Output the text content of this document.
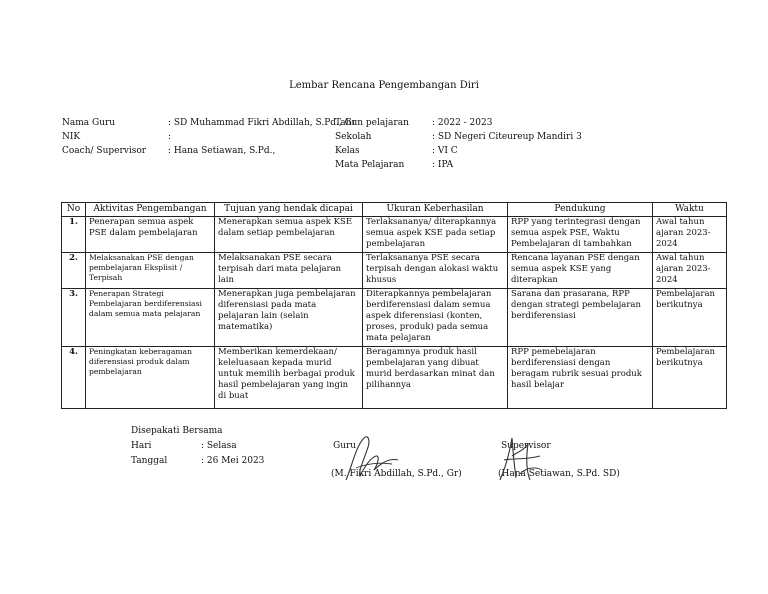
Lembar Rencana Pengembangan Diri
Nama Guru	: SD Muhammad Fikri Abdillah, S.Pd., Gr
NIK	:
Coach/ Supervisor : Hana Setiawan, S.Pd.,
Tahun pelajaran	: 2022 - 2023
Sekolah	: SD Negeri Citeureup Mandiri 3
Kelas	: VI C
Mata Pelajaran	: IPA
No	Aktivitas Pengembangan	Tujuan yang hendak dicapai	Ukuran Keberhasilan	Pendukung	Waktu
1.	Penerapan semua aspek PSE dalam pembelajaran	Menerapkan semua aspek KSE dalam setiap pembelajaran	Terlaksananya/ diterapkannya semua aspek KSE pada setiap pembelajaran	RPP yang terintegrasi dengan semua aspek PSE, Waktu Pembelajaran di tambahkan	Awal tahun ajaran 2023-2024
2.	Melaksanakan PSE dengan pembelajaran Eksplisit / Terpisah	Melaksanakan PSE secara terpisah dari mata pelajaran lain	Terlaksananya PSE secara terpisah dengan alokasi waktu khusus	Rencana layanan PSE dengan semua aspek KSE yang diterapkan	Awal tahun ajaran 2023-2024
3.	Penerapan Strategi Pembelajaran berdiferensiasi dalam semua mata pelajaran	Menerapkan juga pembelajaran diferensiasi pada mata pelajaran lain (selain matematika)	Diterapkannya pembelajaran berdiferensiasi dalam semua aspek diferensiasi (konten, proses, produk) pada semua mata pelajaran	Sarana dan prasarana, RPP dengan strategi pembelajaran berdiferensiasi	Pembelajaran berikutnya
4.	Peningkatan keberagaman diferensiasi produk dalam pembelajaran	Memberikan kemerdekaan/ keleluasaan kepada murid untuk memilih berbagai produk hasil pembelajaran yang ingin di buat	Beragamnya produk hasil pembelajaran yang dibuat murid berdasarkan minat dan pilihannya	RPP pemebelajaran berdiferensiasi dengan beragam rubrik sesuai produk hasil belajar	Pembelajaran berikutnya
Disepakati Bersama
Hari	: Selasa
Tanggal	: 26 Mei 2023
Guru
(M. Fikri Abdillah, S.Pd., Gr)
Supervisor
(Hana Setiawan, S.Pd. SD)
